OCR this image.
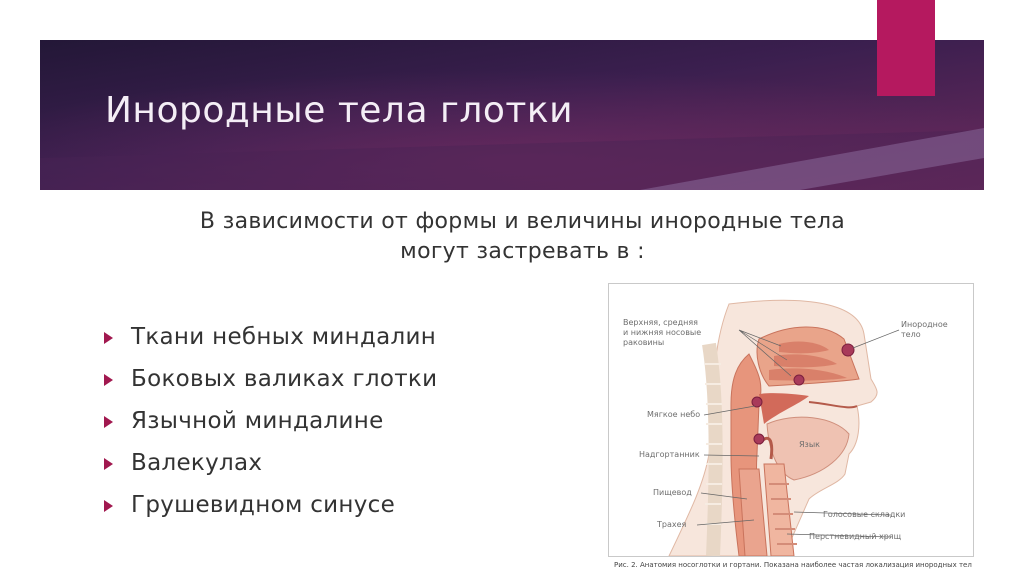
Инородные тела глотки
В зависимости от формы и величины инородные тела
могут застревать в :
Ткани небных миндалин
Боковых валиках глотки
Язычной миндалине
Валекулах
Грушевидном синусе
Верхняя, средняя
и нижняя носовые
раковины
Инородное
тело
Мягкое небо
Язык
Надгортанник
Пищевод
Трахея
Голосовые складки
Перстневидный хрящ
Рис. 2. Анатомия носоглотки и гортани. Показана наиболее частая локализация инородных тел
